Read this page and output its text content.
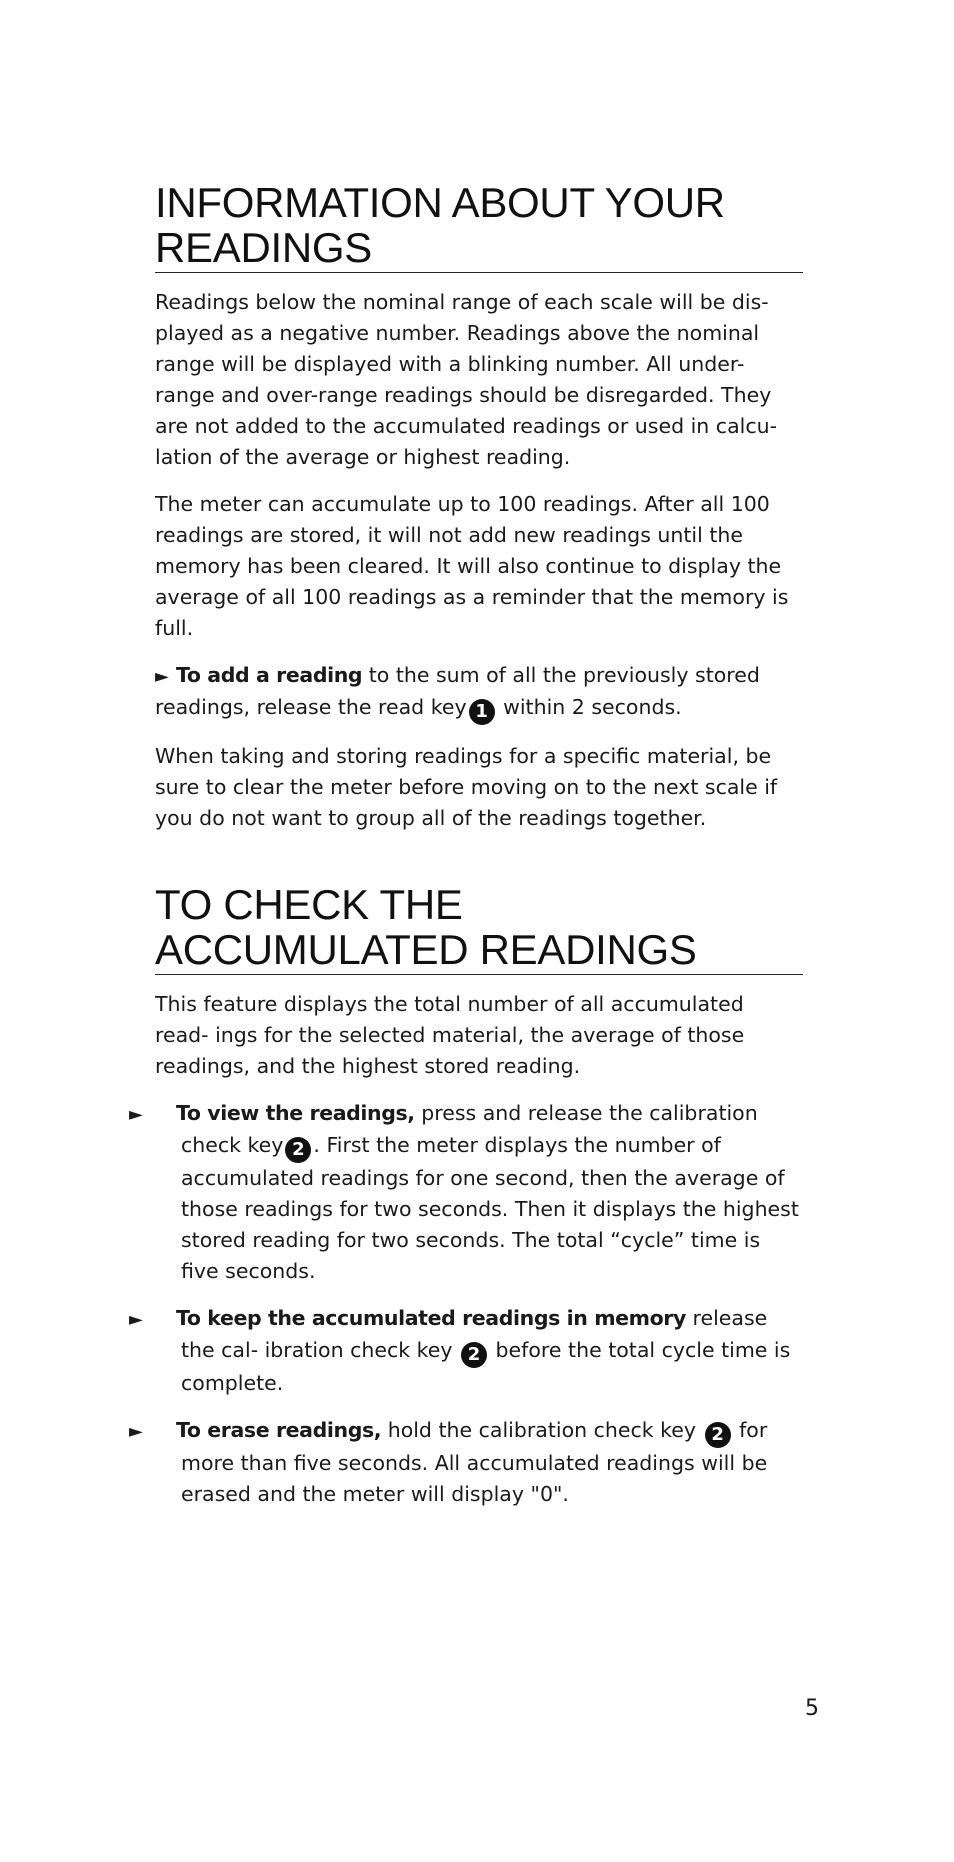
INFORMATION ABOUT YOUR
READINGS

Readings below the nominal range of each scale will be dis- played as a negative number. Readings above the nominal range will be displayed with a blinking number. All under- range and over-range readings should be disregarded. They are not added to the accumulated readings or used in calcu- lation of the average or highest reading.

The meter can accumulate up to 100 readings. After all 100 readings are stored, it will not add new readings until the memory has been cleared. It will also continue to display the average of all 100 readings as a reminder that the memory is full.

► To add a reading to the sum of all the previously stored readings, release the read key 1 within 2 seconds.

When taking and storing readings for a specific material, be sure to clear the meter before moving on to the next scale if you do not want to group all of the readings together.

TO CHECK THE
ACCUMULATED READINGS

This feature displays the total number of all accumulated read- ings for the selected material, the average of those readings, and the highest stored reading.

► To view the readings, press and release the calibration check key 2 . First the meter displays the number of accumulated readings for one second, then the average of those readings for two seconds. Then it displays the highest stored reading for two seconds. The total “cycle” time is five seconds.

► To keep the accumulated readings in memory release the cal- ibration check key 2 before the total cycle time is complete.

► To erase readings, hold the calibration check key 2 for more than five seconds. All accumulated readings will be erased and the meter will display "0".

5
